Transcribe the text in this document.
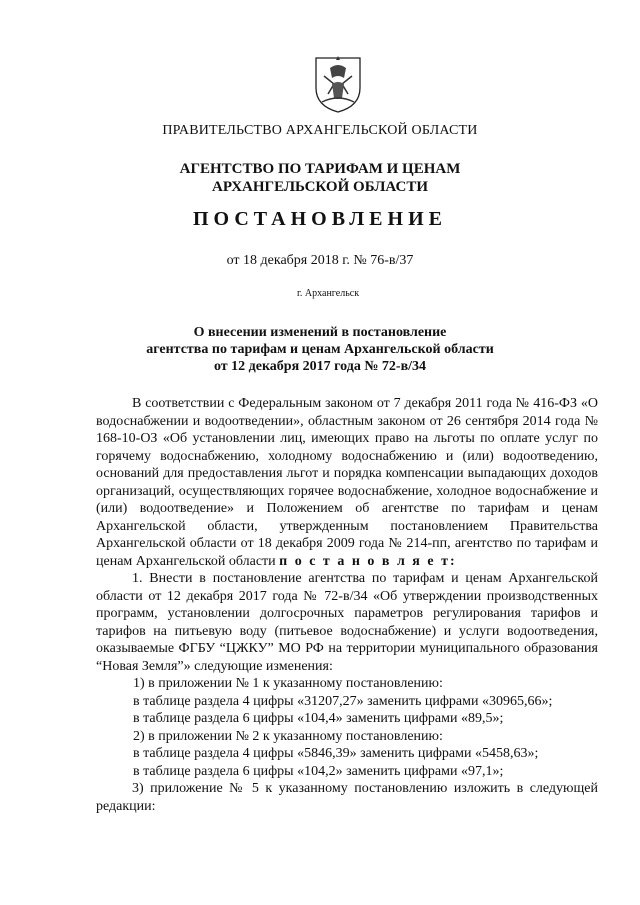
ПРАВИТЕЛЬСТВО АРХАНГЕЛЬСКОЙ ОБЛАСТИ
АГЕНТСТВО ПО ТАРИФАМ И ЦЕНАМ
АРХАНГЕЛЬСКОЙ ОБЛАСТИ
ПОСТАНОВЛЕНИЕ
от 18 декабря 2018 г. № 76-в/37
г. Архангельск
О внесении изменений в постановление
агентства по тарифам и ценам Архангельской области
от 12 декабря 2017 года № 72-в/34

В соответствии с Федеральным законом от 7 декабря 2011 года № 416-ФЗ «О водоснабжении и водоотведении», областным законом от 26 сентября 2014 года № 168-10-ОЗ «Об установлении лиц, имеющих право на льготы по оплате услуг по горячему водоснабжению, холодному водоснабжению и (или) водоотведению, оснований для предоставления льгот и порядка компенсации выпадающих доходов организаций, осуществляющих горячее водоснабжение, холодное водоснабжение и (или) водоотведение» и Положением об агентстве по тарифам и ценам Архангельской области, утвержденным постановлением Правительства Архангельской области от 18 декабря 2009 года № 214-пп, агентство по тарифам и ценам Архангельской области п о с т а н о в л я е т:

1. Внести в постановление агентства по тарифам и ценам Архангельской области от 12 декабря 2017 года № 72-в/34 «Об утверждении производственных программ, установлении долгосрочных параметров регулирования тарифов и тарифов на питьевую воду (питьевое водоснабжение) и услуги водоотведения, оказываемые ФГБУ “ЦЖКУ” МО РФ на территории муниципального образования “Новая Земля”» следующие изменения:

1) в приложении № 1 к указанному постановлению:

в таблице раздела 4 цифры «31207,27» заменить цифрами «30965,66»;

в таблице раздела 6 цифры «104,4» заменить цифрами «89,5»;

2) в приложении № 2 к указанному постановлению:

в таблице раздела 4 цифры «5846,39» заменить цифрами «5458,63»;

в таблице раздела 6 цифры «104,2» заменить цифрами «97,1»;

3) приложение № 5 к указанному постановлению изложить в следующей редакции:
